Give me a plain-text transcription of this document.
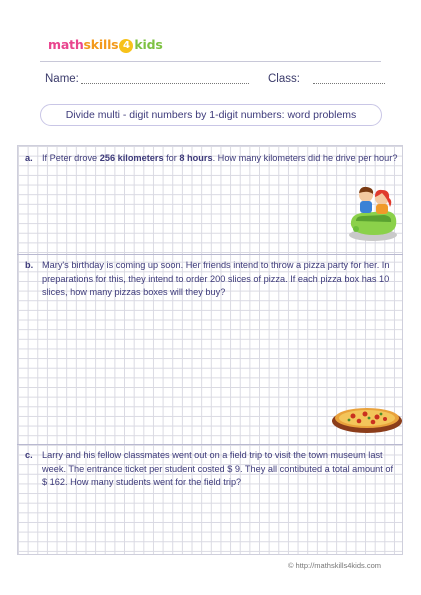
mathskills 4 kids
Name:	Class:
Divide multi - digit numbers by 1-digit numbers: word problems
a. If Peter drove 256 kilometers for 8 hours. How many kilometers did he drive per hour?
b. Mary's birthday is coming up soon. Her friends intend to throw a pizza party for her. In preparations for this, they intend to order 200 slices of pizza. If each pizza box has 10 slices, how many pizzas boxes will they buy?
c. Larry and his fellow classmates went out on a field trip to visit the town museum last week. The entrance ticket per student costed $ 9. They all contibuted a total amount of $ 162. How many students went for the field trip?
© http://mathskills4kids.com
